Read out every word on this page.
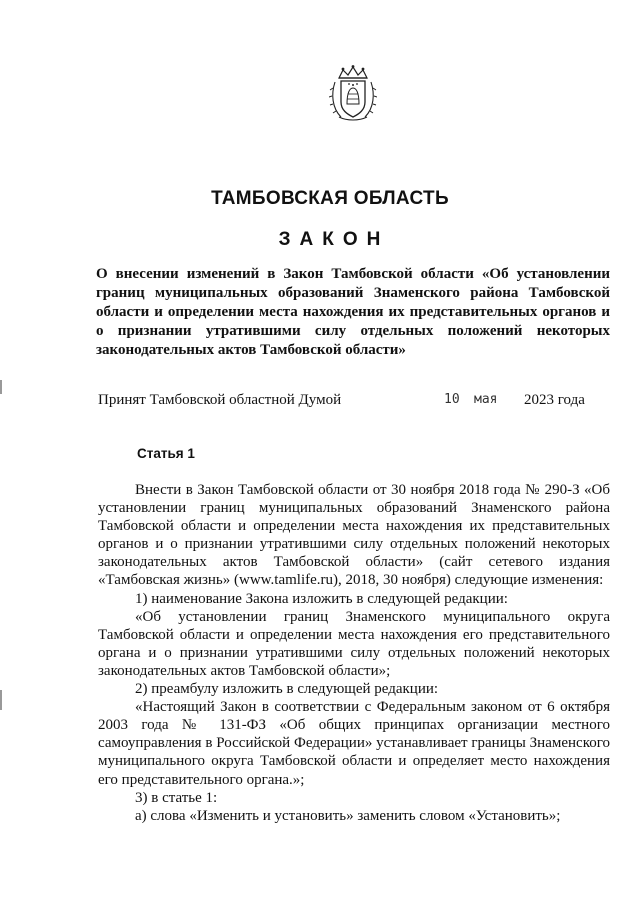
ТАМБОВСКАЯ ОБЛАСТЬ
ЗАКОН
О внесении изменений в Закон Тамбовской области «Об установлении границ муниципальных образований Знаменского района Тамбовской области и определении места нахождения их представительных органов и о признании утратившими силу отдельных положений некоторых законодательных актов Тамбовской области»
Принят Тамбовской областной Думой	10 мая 2023 года
Статья 1

Внести в Закон Тамбовской области от 30 ноября 2018 года № 290-З «Об установлении границ муниципальных образований Знаменского района Тамбовской области и определении места нахождения их представительных органов и о признании утратившими силу отдельных положений некоторых законодательных актов Тамбовской области» (сайт сетевого издания «Тамбовская жизнь» (www.tamlife.ru), 2018, 30 ноября) следующие изменения:

1) наименование Закона изложить в следующей редакции:

«Об установлении границ Знаменского муниципального округа Тамбовской области и определении места нахождения его представительного органа и о признании утратившими силу отдельных положений некоторых законодательных актов Тамбовской области»;

2) преамбулу изложить в следующей редакции:

«Настоящий Закон в соответствии с Федеральным законом от 6 октября 2003 года № 131-ФЗ «Об общих принципах организации местного самоуправления в Российской Федерации» устанавливает границы Знаменского муниципального округа Тамбовской области и определяет место нахождения его представительного органа.»;

3) в статье 1:

а) слова «Изменить и установить» заменить словом «Установить»;
